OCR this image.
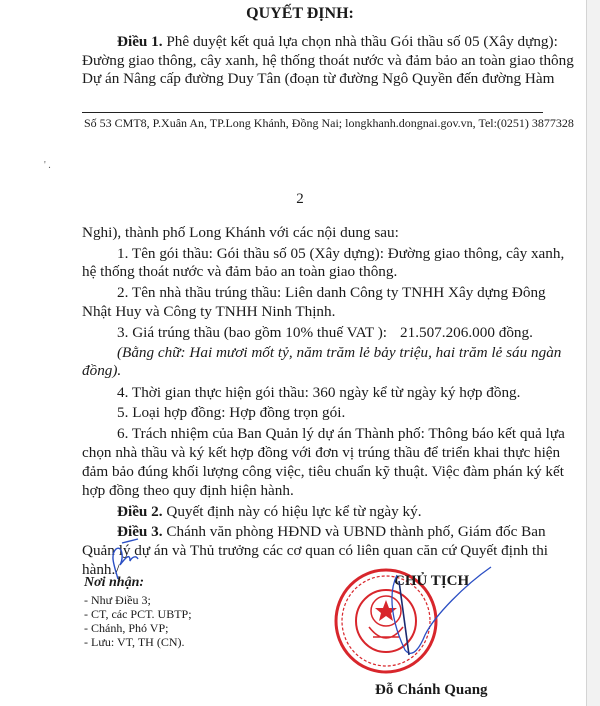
QUYẾT ĐỊNH:
Điều 1. Phê duyệt kết quả lựa chọn nhà thầu Gói thầu số 05 (Xây dựng):
Đường giao thông, cây xanh, hệ thống thoát nước và đảm bảo an toàn giao thông
Dự án Nâng cấp đường Duy Tân (đoạn từ đường Ngô Quyền đến đường Hàm
Số 53 CMT8, P.Xuân An, TP.Long Khánh, Đồng Nai; longkhanh.dongnai.gov.vn, Tel:(0251) 3877328
' .
2
Nghi), thành phố Long Khánh với các nội dung sau:
1. Tên gói thầu: Gói thầu số 05 (Xây dựng): Đường giao thông, cây xanh,
hệ thống thoát nước và đảm bảo an toàn giao thông.
2. Tên nhà thầu trúng thầu: Liên danh Công ty TNHH Xây dựng Đông
Nhật Huy và Công ty TNHH Ninh Thịnh.
3. Giá trúng thầu (bao gồm 10% thuế VAT ): 21.507.206.000 đồng.
(Bằng chữ: Hai mươi mốt tỷ, năm trăm lẻ bảy triệu, hai trăm lẻ sáu ngàn
đồng).
4. Thời gian thực hiện gói thầu: 360 ngày kể từ ngày ký hợp đồng.
5. Loại hợp đồng: Hợp đồng trọn gói.
6. Trách nhiệm của Ban Quản lý dự án Thành phố: Thông báo kết quả lựa
chọn nhà thầu và ký kết hợp đồng với đơn vị trúng thầu để triển khai thực hiện
đảm bảo đúng khối lượng công việc, tiêu chuẩn kỹ thuật. Việc đàm phán ký kết
hợp đồng theo quy định hiện hành.
Điều 2. Quyết định này có hiệu lực kể từ ngày ký.
Điều 3. Chánh văn phòng HĐND và UBND thành phố, Giám đốc Ban
Quản lý dự án và Thủ trưởng các cơ quan có liên quan căn cứ Quyết định thi
hành./
Nơi nhận:
- Như Điều 3;
- CT, các PCT. UBTP;
- Chánh, Phó VP;
- Lưu: VT, TH (CN).
CHỦ TỊCH
Đỗ Chánh Quang
